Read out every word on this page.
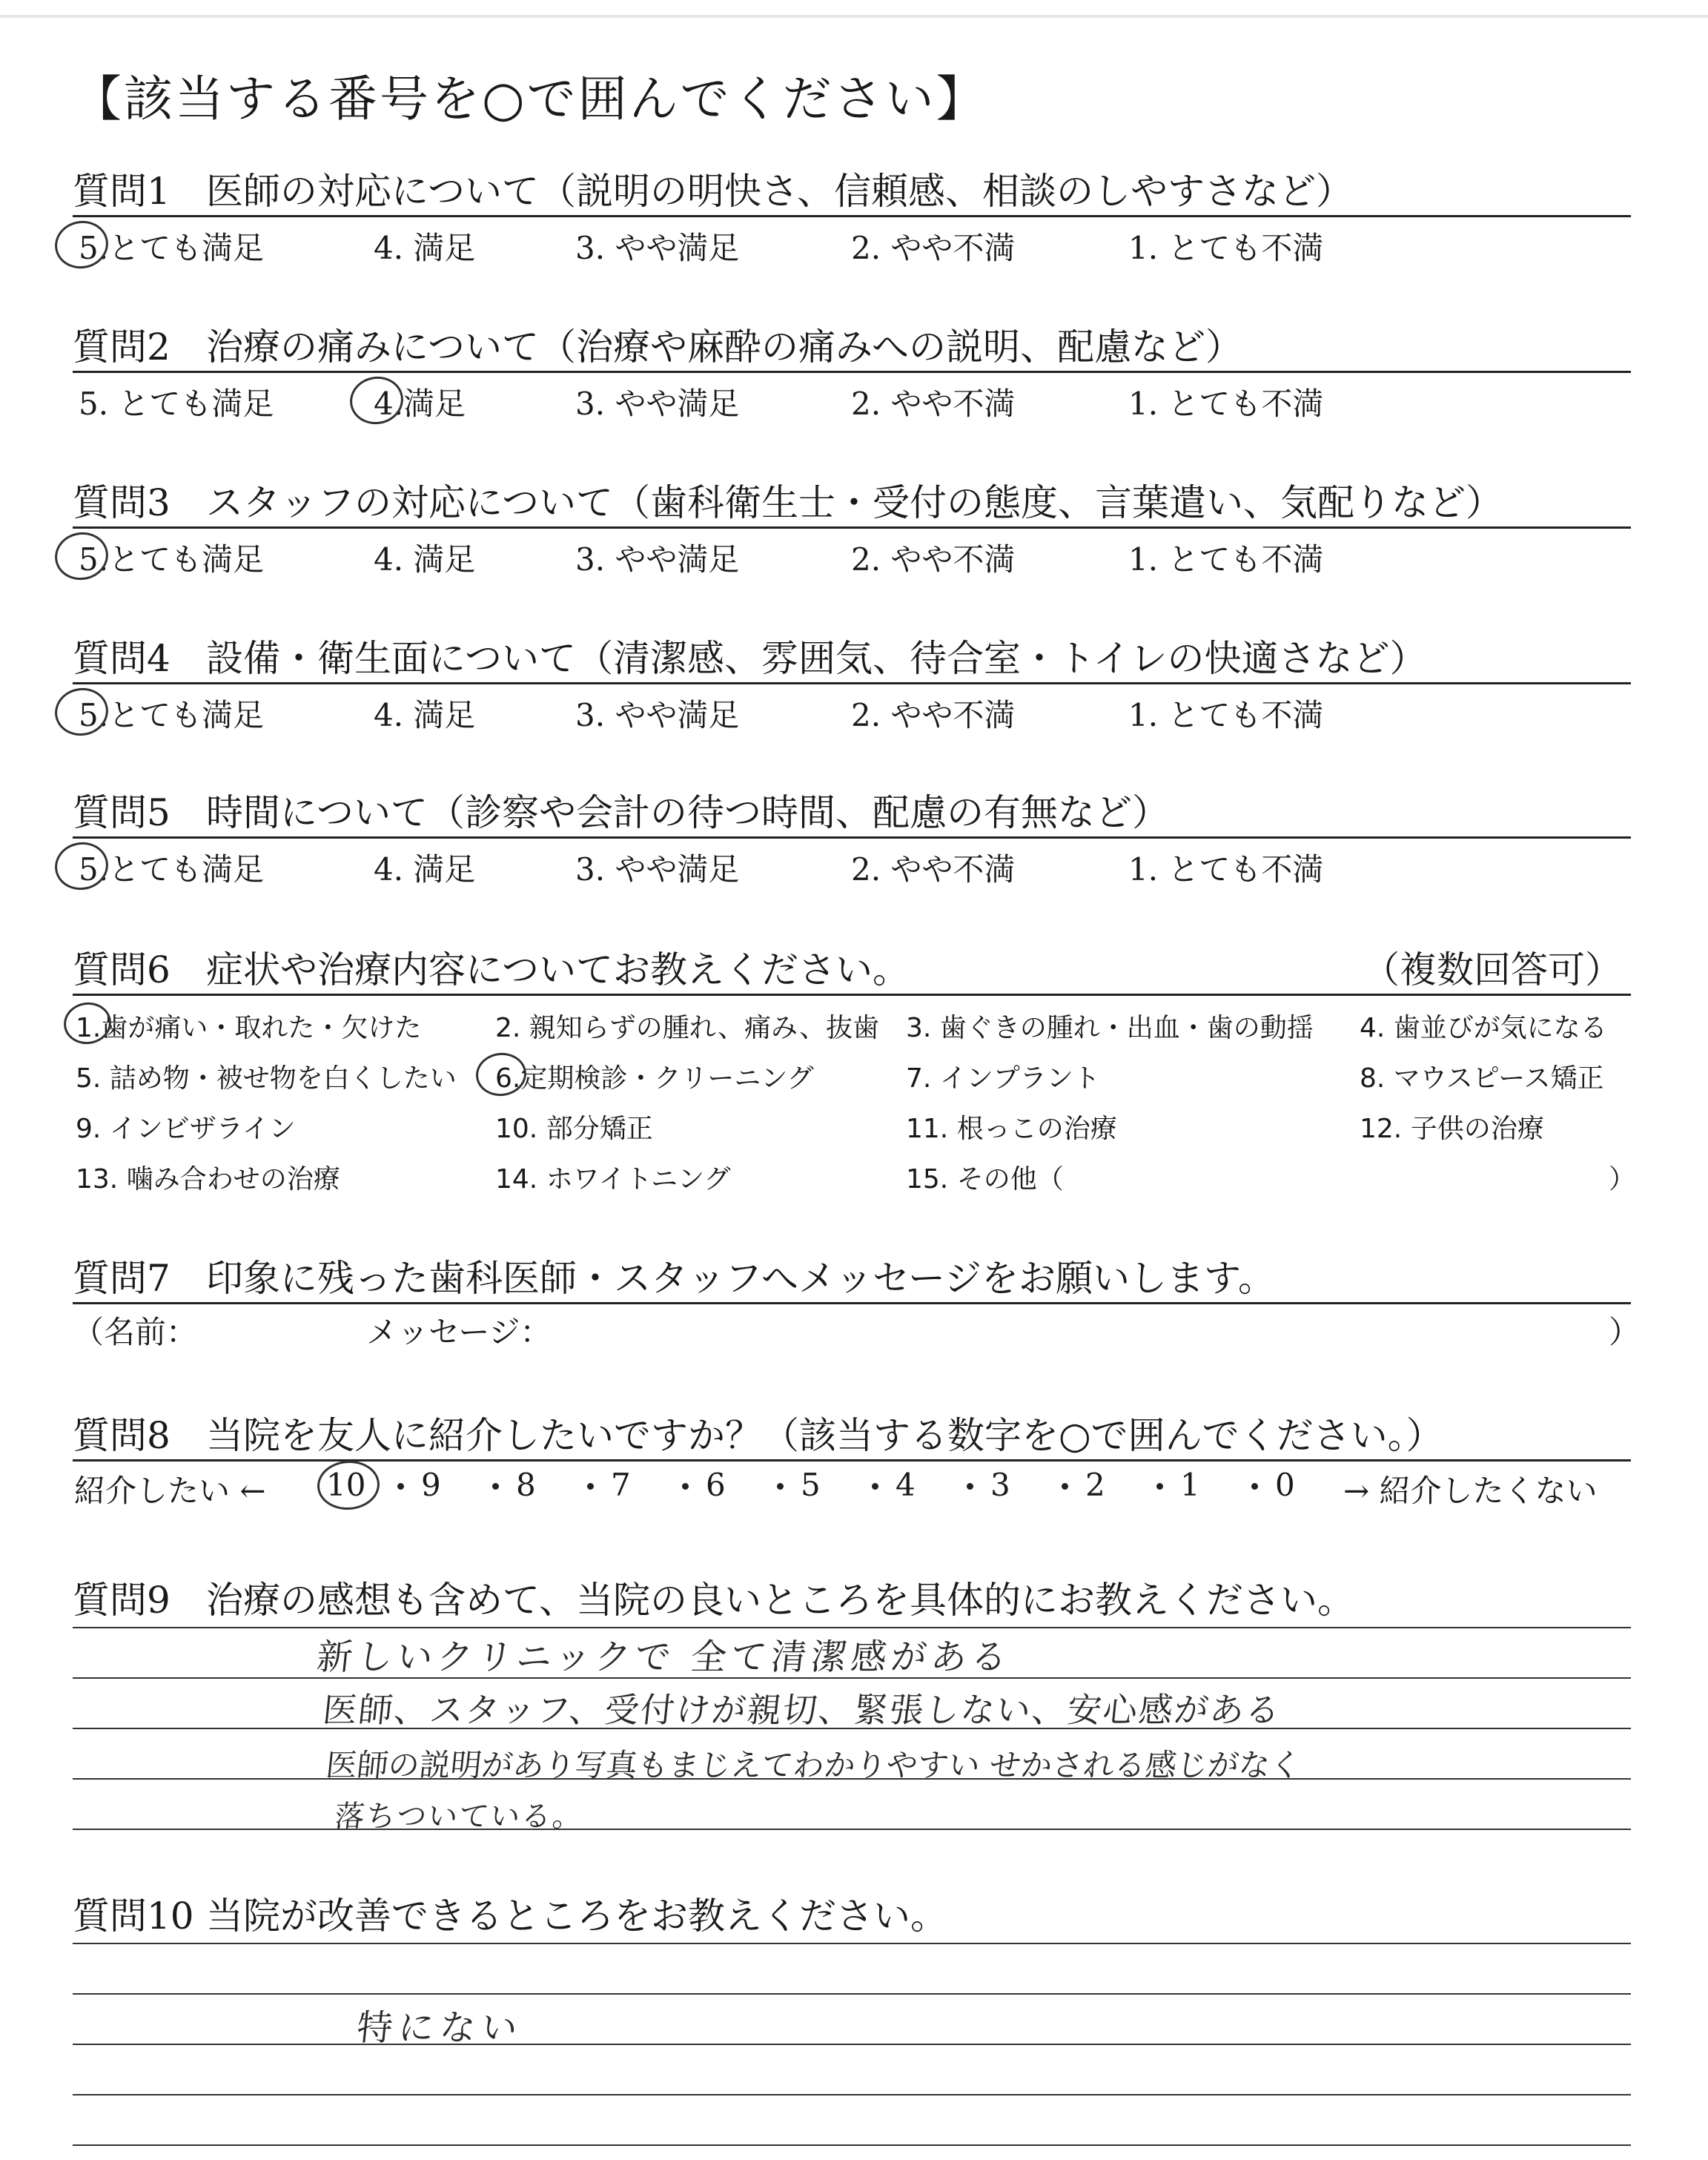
【該当する番号を○で囲んでください】
質問1 医師の対応について（説明の明快さ、信頼感、相談のしやすさなど）
5.とても満足	4. 満足	3. やや満足	2. やや不満	1. とても不満
質問2 治療の痛みについて（治療や麻酔の痛みへの説明、配慮など）
5. とても満足	4.満足	3. やや満足	2. やや不満	1. とても不満
質問3 スタッフの対応について（歯科衛生士・受付の態度、言葉遣い、気配りなど）
5.とても満足	4. 満足	3. やや満足	2. やや不満	1. とても不満
質問4 設備・衛生面について（清潔感、雰囲気、待合室・トイレの快適さなど）
5.とても満足	4. 満足	3. やや満足	2. やや不満	1. とても不満
質問5 時間について（診察や会計の待つ時間、配慮の有無など）
5.とても満足	4. 満足	3. やや満足	2. やや不満	1. とても不満
質問6 症状や治療内容についてお教えください。	（複数回答可）
1.歯が痛い・取れた・欠けた	2. 親知らずの腫れ、痛み、抜歯 3. 歯ぐきの腫れ・出血・歯の動揺 4. 歯並びが気になる
5. 詰め物・被せ物を白くしたい 6.定期検診・クリーニング	7. インプラント	8. マウスピース矯正
9. インビザライン	10. 部分矯正	11. 根っこの治療	12. 子供の治療
13. 噛み合わせの治療	14. ホワイトニング	15. その他（	）
質問7 印象に残った歯科医師・スタッフへメッセージをお願いします。
（名前：	メッセージ：	）
質問8 当院を友人に紹介したいですか？（該当する数字を○で囲んでください。）
紹介したい ← 10 9 8 7 6 5 4 3 2 1 0 → 紹介したくない
質問9 治療の感想も含めて、当院の良いところを具体的にお教えください。
新しいクリニックで 全て清潔感がある
医師、スタッフ、受付けが親切、緊張しない、安心感がある
医師の説明があり写真もまじえてわかりやすい せかされる感じがなく
落ちついている。
質問10 当院が改善できるところをお教えください。
特にない
